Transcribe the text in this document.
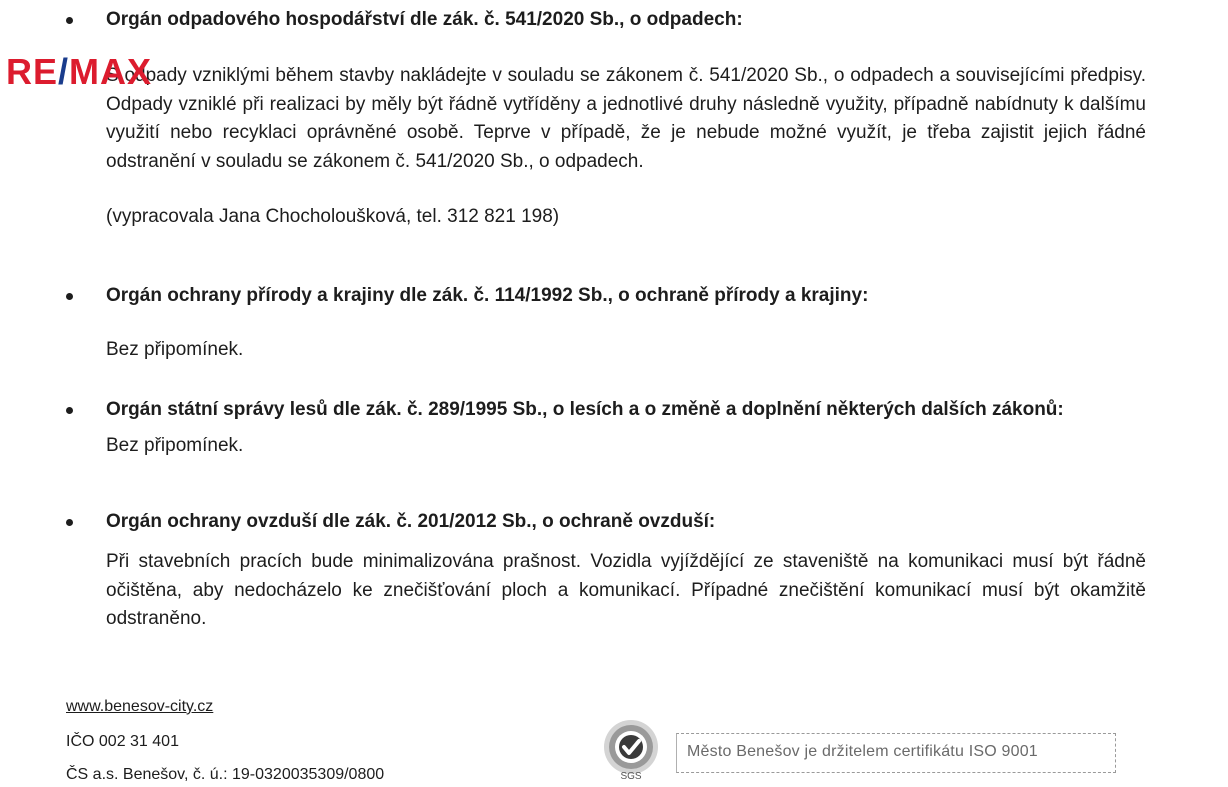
Orgán odpadového hospodářství dle zák. č. 541/2020 Sb., o odpadech:
S odpady vzniklými během stavby nakládejte v souladu se zákonem č. 541/2020 Sb., o odpadech a souvisejícími předpisy. Odpady vzniklé při realizaci by měly být řádně vytříděny a jednotlivé druhy následně využity, případně nabídnuty k dalšímu využití nebo recyklaci oprávněné osobě. Teprve v případě, že je nebude možné využít, je třeba zajistit jejich řádné odstranění v souladu se zákonem č. 541/2020 Sb., o odpadech.
(vypracovala Jana Chocholoušková, tel. 312 821 198)
Orgán ochrany přírody a krajiny dle zák. č. 114/1992 Sb., o ochraně přírody a krajiny:
Bez připomínek.
Orgán státní správy lesů dle zák. č. 289/1995 Sb., o lesích a o změně a doplnění některých dalších zákonů:
Bez připomínek.
Orgán ochrany ovzduší dle zák. č. 201/2012 Sb., o ochraně ovzduší:
Při stavebních pracích bude minimalizována prašnost. Vozidla vyjíždějící ze staveniště na komunikaci musí být řádně očištěna, aby nedocházelo ke znečišťování ploch a komunikací. Případné znečištění komunikací musí být okamžitě odstraněno.
RE/MAX
www.benesov-city.cz
IČO 002 31 401
ČS a.s. Benešov, č. ú.: 19-0320035309/0800	SGS
Město Benešov je držitelem certifikátu ISO 9001
